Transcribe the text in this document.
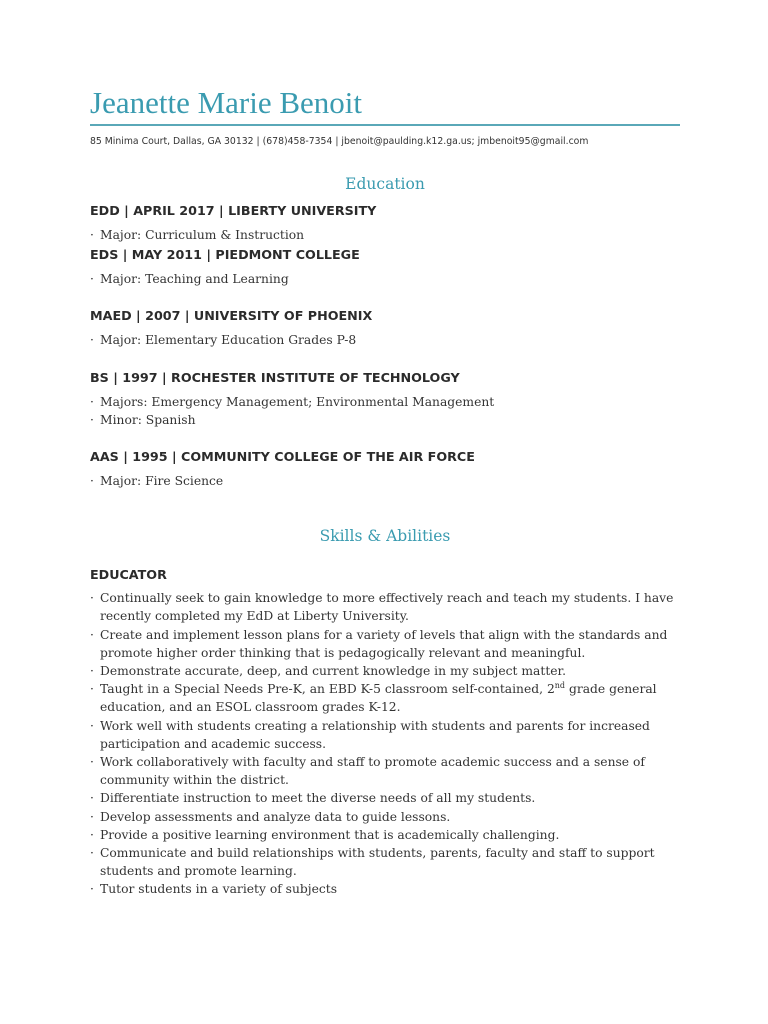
Jeanette Marie Benoit
85 Minima Court, Dallas, GA 30132 | (678)458-7354 | jbenoit@paulding.k12.ga.us; jmbenoit95@gmail.com
Education
EDD | APRIL 2017 | LIBERTY UNIVERSITY
· Major: Curriculum & Instruction
EDS | MAY 2011 | PIEDMONT COLLEGE
· Major: Teaching and Learning
MAED | 2007 | UNIVERSITY OF PHOENIX
· Major: Elementary Education Grades P-8
BS | 1997 | ROCHESTER INSTITUTE OF TECHNOLOGY
· Majors: Emergency Management; Environmental Management
· Minor: Spanish
AAS | 1995 | COMMUNITY COLLEGE OF THE AIR FORCE
· Major: Fire Science
Skills & Abilities
EDUCATOR
· Continually seek to gain knowledge to more effectively reach and teach my students. I have recently completed my EdD at Liberty University.
· Create and implement lesson plans for a variety of levels that align with the standards and promote higher order thinking that is pedagogically relevant and meaningful.
· Demonstrate accurate, deep, and current knowledge in my subject matter.
· Taught in a Special Needs Pre-K, an EBD K-5 classroom self-contained, 2nd grade general education, and an ESOL classroom grades K-12.
· Work well with students creating a relationship with students and parents for increased participation and academic success.
· Work collaboratively with faculty and staff to promote academic success and a sense of community within the district.
· Differentiate instruction to meet the diverse needs of all my students.
· Develop assessments and analyze data to guide lessons.
· Provide a positive learning environment that is academically challenging.
· Communicate and build relationships with students, parents, faculty and staff to support students and promote learning.
· Tutor students in a variety of subjects
